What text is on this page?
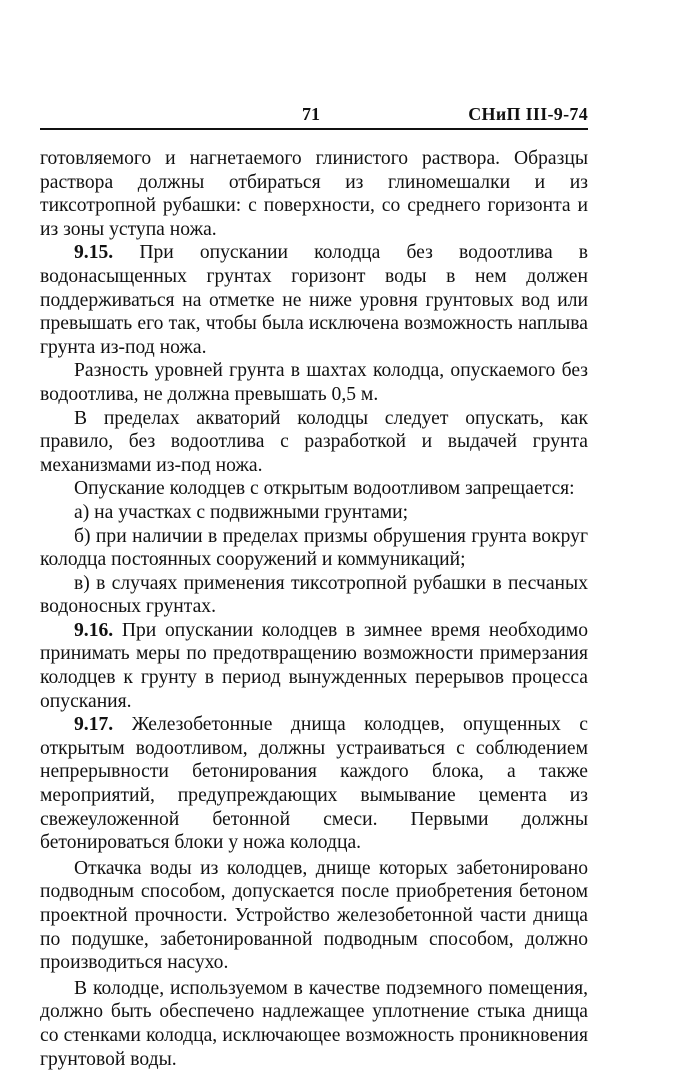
71	СНиП III-9-74

готовляемого и нагнетаемого глинистого раствора. Образцы раствора должны отбираться из глиномешалки и из тиксотропной рубашки: с поверхности, со среднего горизонта и из зоны уступа ножа.

9.15. При опускании колодца без водоотлива в водонасыщенных грунтах горизонт воды в нем должен поддерживаться на отметке не ниже уровня грунтовых вод или превышать его так, чтобы была исключена возможность наплыва грунта из-под ножа.

Разность уровней грунта в шахтах колодца, опускаемого без водоотлива, не должна превышать 0,5 м.

В пределах акваторий колодцы следует опускать, как правило, без водоотлива с разработкой и выдачей грунта механизмами из-под ножа.

Опускание колодцев с открытым водоотливом запрещается:

а) на участках с подвижными грунтами;

б) при наличии в пределах призмы обрушения грунта вокруг колодца постоянных сооружений и коммуникаций;

в) в случаях применения тиксотропной рубашки в песчаных водоносных грунтах.

9.16. При опускании колодцев в зимнее время необходимо принимать меры по предотвращению возможности примерзания колодцев к грунту в период вынужденных перерывов процесса опускания.

9.17. Железобетонные днища колодцев, опущенных с открытым водоотливом, должны устраиваться с соблюдением непрерывности бетонирования каждого блока, а также мероприятий, предупреждающих вымывание цемента из свежеуложенной бетонной смеси. Первыми должны бетонироваться блоки у ножа колодца.

Откачка воды из колодцев, днище которых забетонировано подводным способом, допускается после приобретения бетоном проектной прочности. Устройство железобетонной части днища по подушке, забетонированной подводным способом, должно производиться насухо.

В колодце, используемом в качестве подземного помещения, должно быть обеспечено надлежащее уплотнение стыка днища со стенками колодца, исключающее возможность проникновения грунтовой воды.
